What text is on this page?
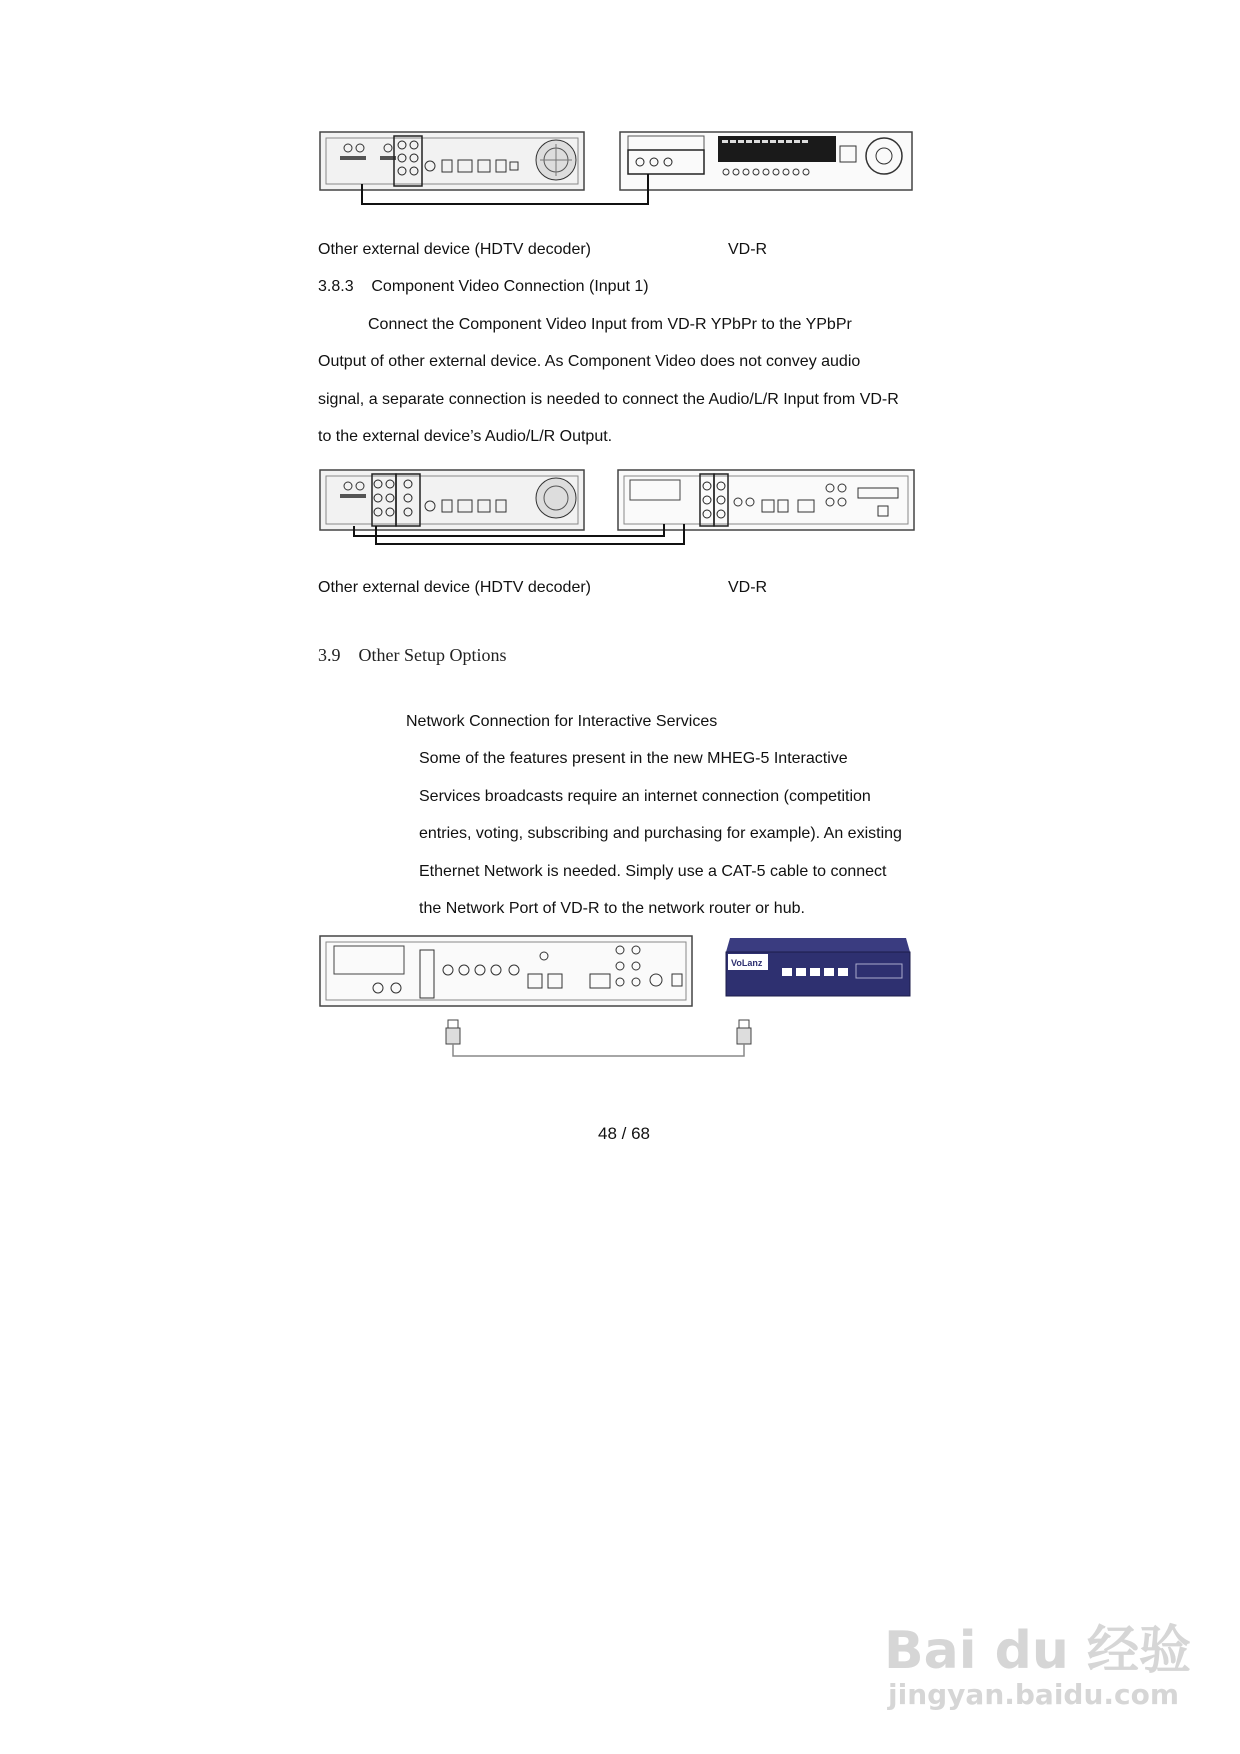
Other external device (HDTV decoder)	VD-R
3.8.3 Component Video Connection (Input 1)
Connect the Component Video Input from VD-R YPbPr to the YPbPr
Output of other external device. As Component Video does not convey audio
signal, a separate connection is needed to connect the Audio/L/R Input from VD-R
to the external device’s Audio/L/R Output.
Other external device (HDTV decoder)	VD-R
3.9 Other Setup Options
Network Connection for Interactive Services
Some of the features present in the new MHEG-5 Interactive
Services broadcasts require an internet connection (competition
entries, voting, subscribing and purchasing for example). An existing
Ethernet Network is needed. Simply use a CAT-5 cable to connect
the Network Port of VD-R to the network router or hub.
VoLanz
48 / 68
Bai du 经验
jingyan.baidu.com
